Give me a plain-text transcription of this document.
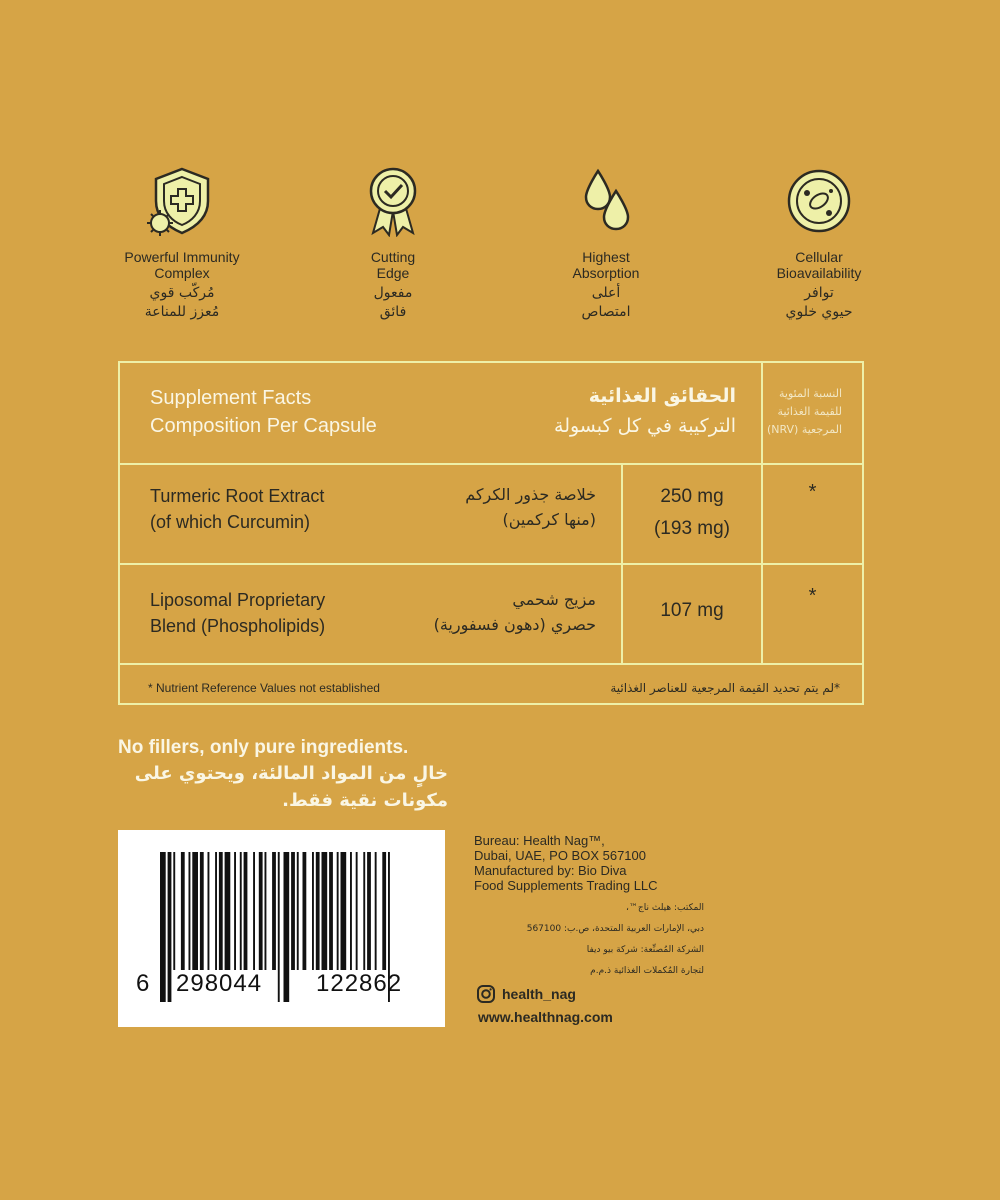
Powerful Immunity
Complex
مُركّب قوي
مُعزز للمناعة
Cutting
Edge
مفعول
فائق
Highest
Absorption
أعلى
امتصاص
Cellular
Bioavailability
توافر
حيوي خلوي
Supplement Facts
Composition Per Capsule
الحقائق الغذائية
التركيبة في كل كبسولة
النسبة المئوية
للقيمة الغذائية
المرجعية (NRV)
Turmeric Root Extract
(of which Curcumin)
خلاصة جذور الكركم
(منها كركمين)
250 mg
(193 mg)
*
Liposomal Proprietary
Blend (Phospholipids)
مزيج شحمي
حصري (دهون فسفورية)
107 mg
*
* Nutrient Reference Values not established	*لم يتم تحديد القيمة المرجعية للعناصر الغذائية
No fillers, only pure ingredients.
خالٍ من المواد المالئة، ويحتوي على
مكونات نقية فقط.
6 298044 122862
Bureau: Health Nag™,
Dubai, UAE, PO BOX 567100
Manufactured by: Bio Diva
Food Supplements Trading LLC
المكتب: هيلث ناج™،
دبي، الإمارات العربية المتحدة، ص.ب: 567100
الشركة المُصنِّعة: شركة بيو ديفا
لتجارة المُكملات الغذائية ذ.م.م
health_nag
www.healthnag.com
